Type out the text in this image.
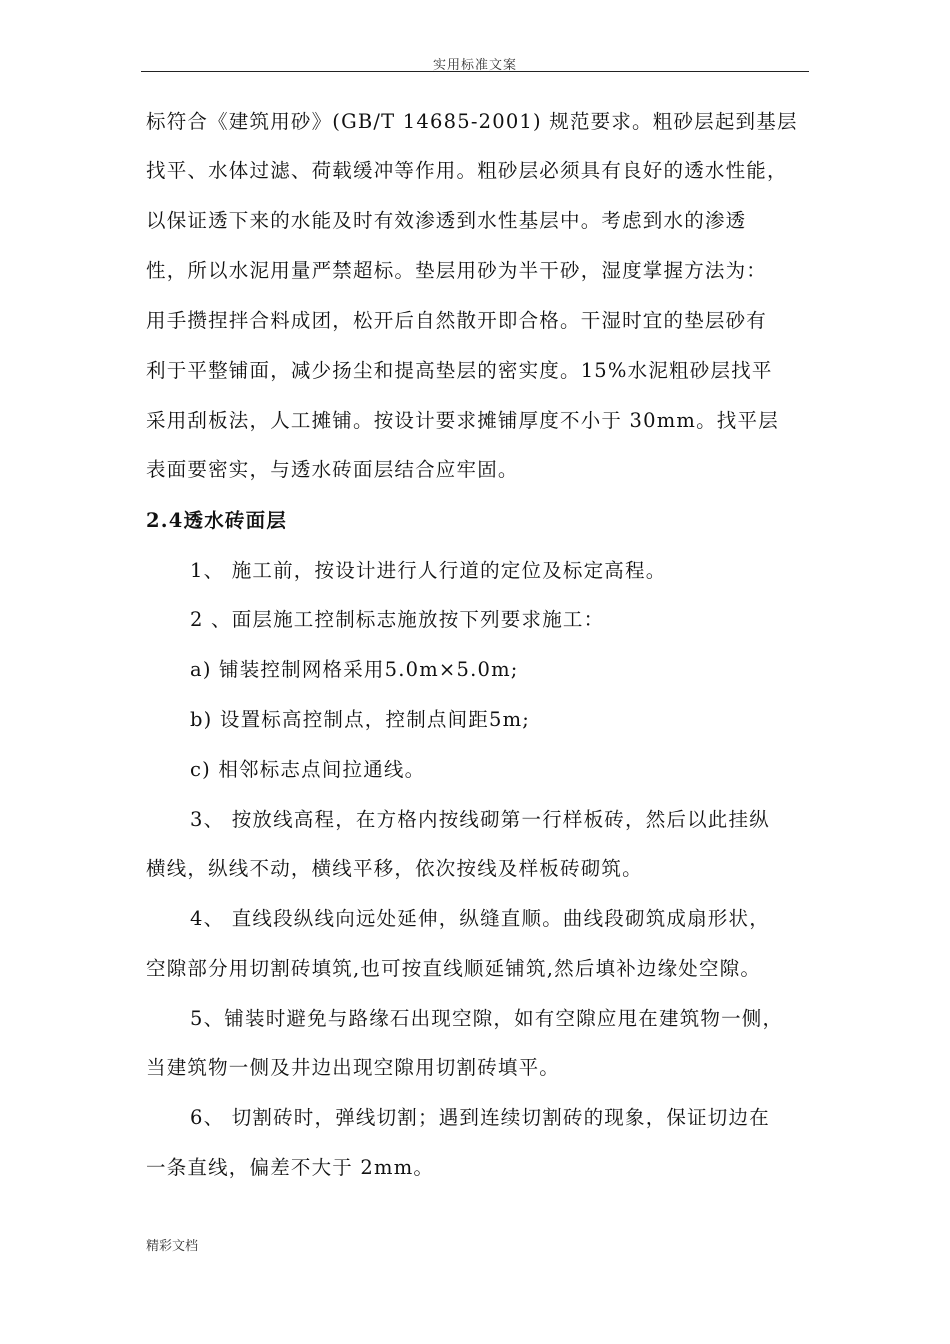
实用标准文案
标符合《建筑用砂》(GB/T 14685-2001) 规范要求。粗砂层起到基层
找平、水体过滤、荷载缓冲等作用。粗砂层必须具有良好的透水性能，
以保证透下来的水能及时有效渗透到水性基层中。考虑到水的渗透
性，所以水泥用量严禁超标。垫层用砂为半干砂，湿度掌握方法为：
用手攒捏拌合料成团，松开后自然散开即合格。干湿时宜的垫层砂有
利于平整铺面，减少扬尘和提高垫层的密实度。15%水泥粗砂层找平
采用刮板法，人工摊铺。按设计要求摊铺厚度不小于 30mm。找平层
表面要密实，与透水砖面层结合应牢固。
2.4透水砖面层
1、 施工前，按设计进行人行道的定位及标定高程。
2 、面层施工控制标志施放按下列要求施工：
a) 铺装控制网格采用5.0m×5.0m;
b) 设置标高控制点，控制点间距5m;
c) 相邻标志点间拉通线。
3、 按放线高程，在方格内按线砌第一行样板砖，然后以此挂纵
横线，纵线不动，横线平移，依次按线及样板砖砌筑。
4、 直线段纵线向远处延伸，纵缝直顺。曲线段砌筑成扇形状，
空隙部分用切割砖填筑,也可按直线顺延铺筑,然后填补边缘处空隙。
5、铺装时避免与路缘石出现空隙，如有空隙应甩在建筑物一侧，
当建筑物一侧及井边出现空隙用切割砖填平。
6、 切割砖时，弹线切割；遇到连续切割砖的现象，保证切边在
一条直线，偏差不大于 2mm。
精彩文档
